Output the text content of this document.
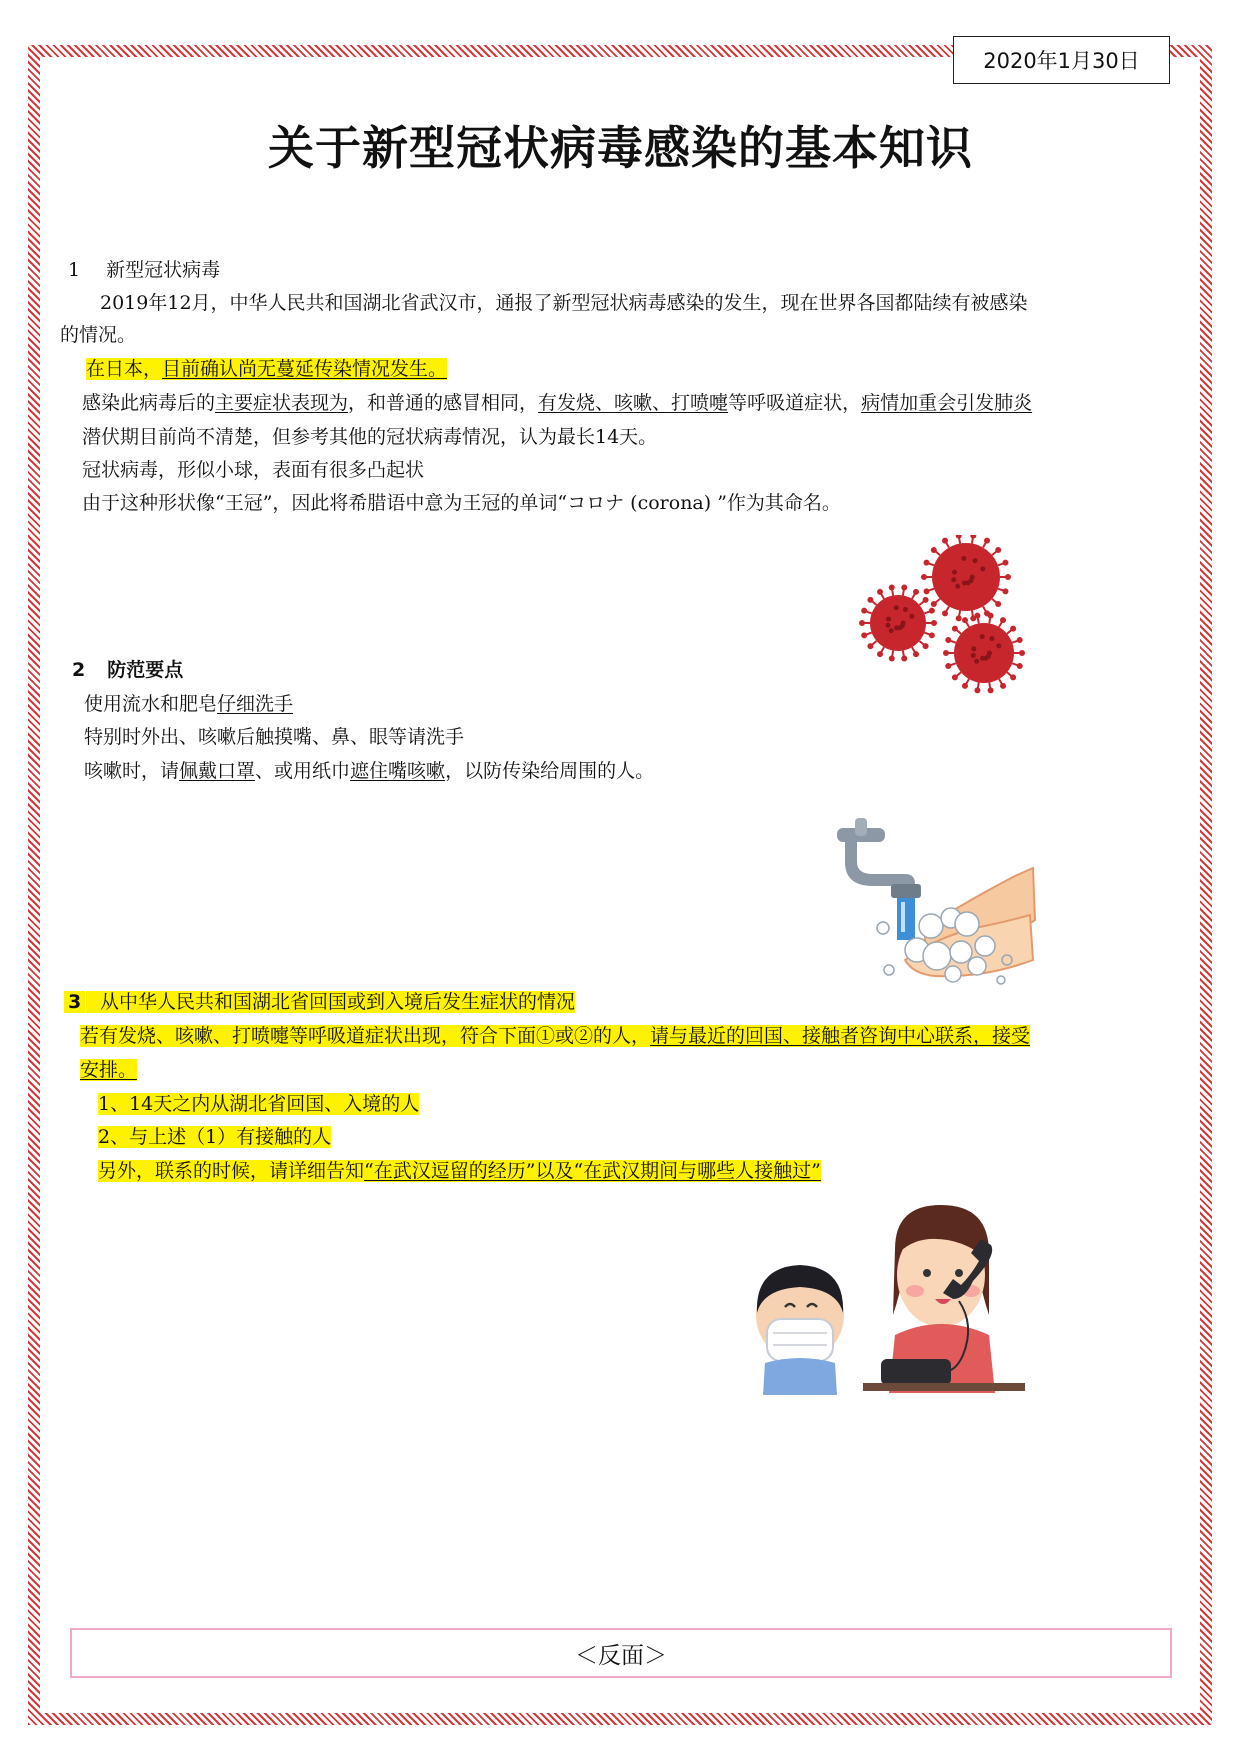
2020年1月30日
关于新型冠状病毒感染的基本知识
1 新型冠状病毒
2019年12月，中华人民共和国湖北省武汉市，通报了新型冠状病毒感染的发生，现在世界各国都陆续有被感染
的情况。
在日本，目前确认尚无蔓延传染情况发生。
感染此病毒后的主要症状表现为，和普通的感冒相同，有发烧、咳嗽、打喷嚏等呼吸道症状，病情加重会引发肺炎
潜伏期目前尚不清楚，但参考其他的冠状病毒情况，认为最长14天。
冠状病毒，形似小球，表面有很多凸起状
由于这种形状像“王冠”，因此将希腊语中意为王冠的单词“コロナ (corona) ”作为其命名。
2 防范要点
使用流水和肥皂仔细洗手
特别时外出、咳嗽后触摸嘴、鼻、眼等请洗手
咳嗽时，请佩戴口罩、或用纸巾遮住嘴咳嗽，以防传染给周围的人。
3 从中华人民共和国湖北省回国或到入境后发生症状的情况
若有发烧、咳嗽、打喷嚏等呼吸道症状出现，符合下面①或②的人，请与最近的回国、接触者咨询中心联系，接受
安排。
1、14天之内从湖北省回国、入境的人
2、与上述（1）有接触的人
另外，联系的时候，请详细告知“在武汉逗留的经历”以及“在武汉期间与哪些人接触过”
＜反面＞
